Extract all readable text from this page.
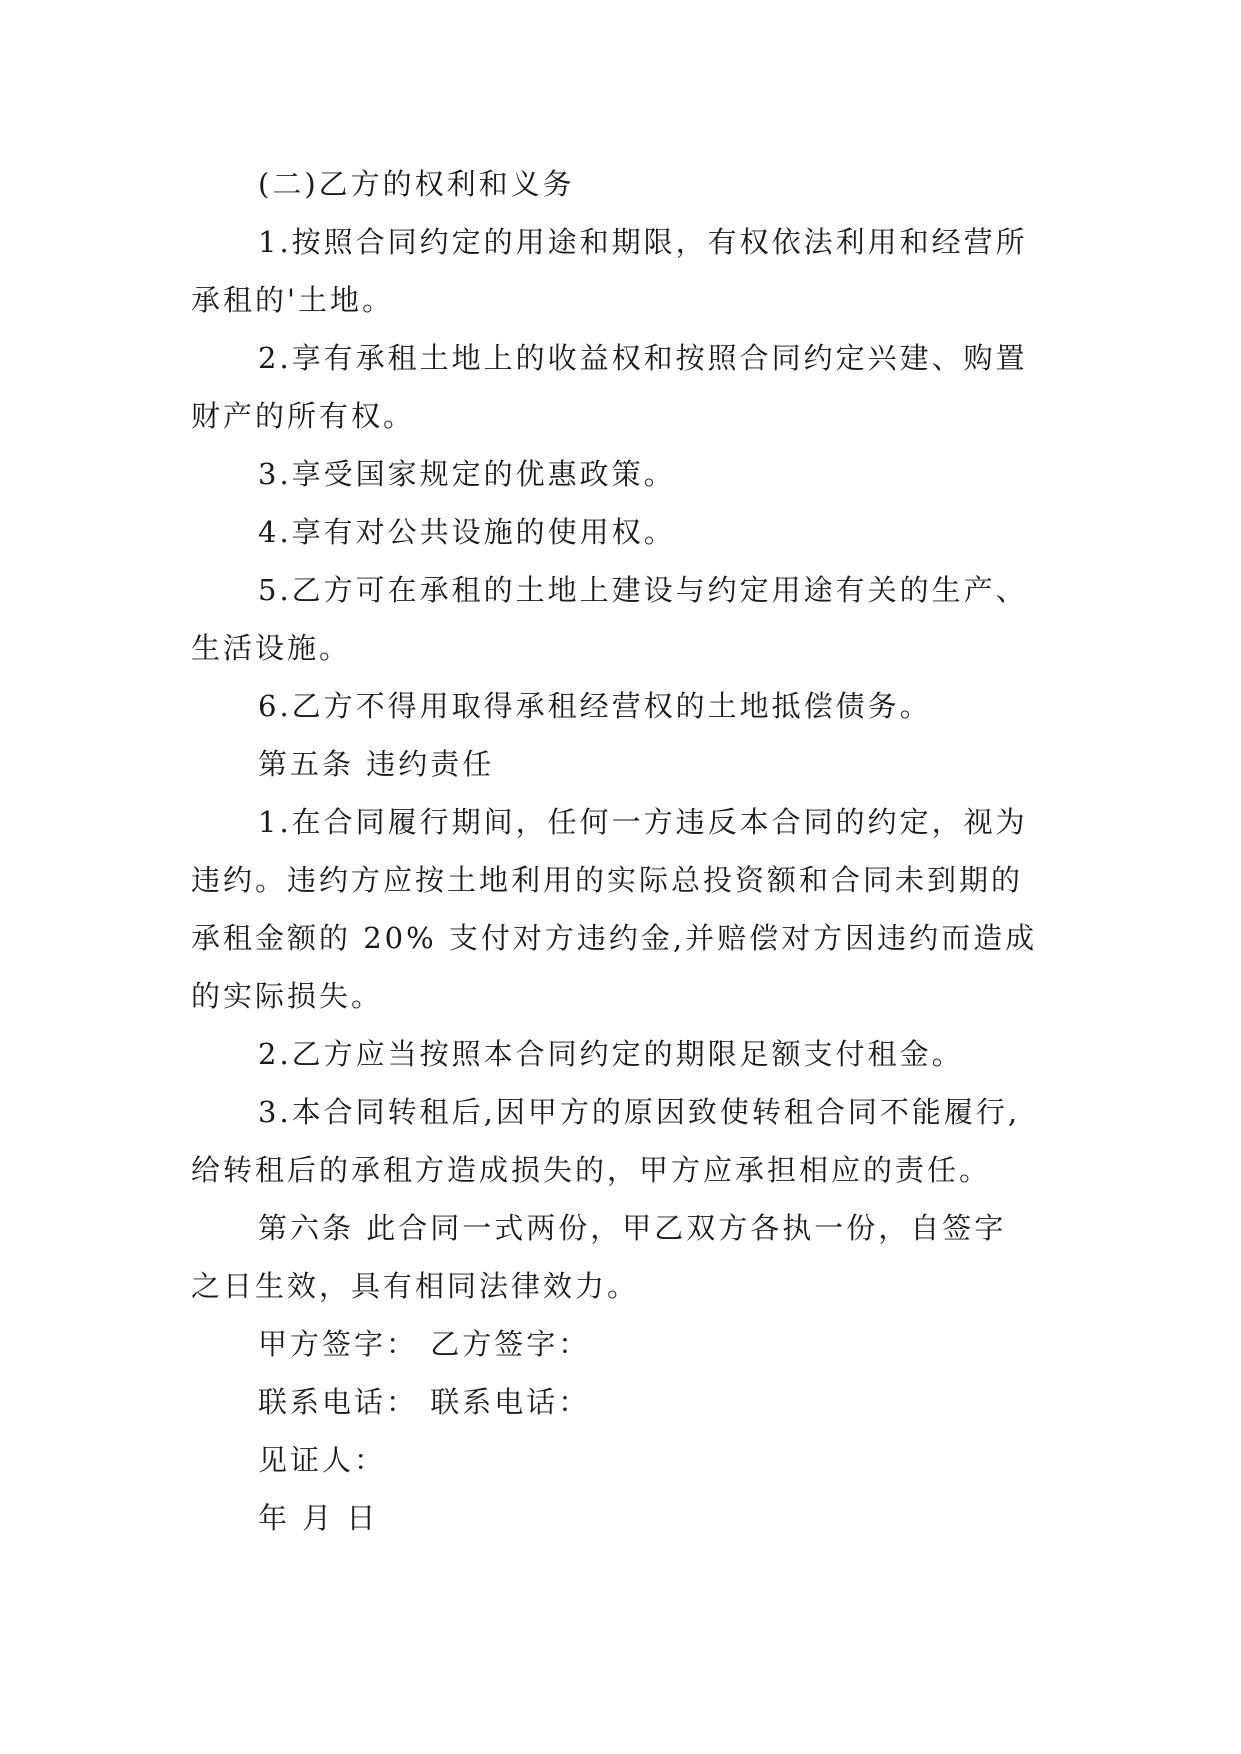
(二)乙方的权利和义务
1.按照合同约定的用途和期限，有权依法利用和经营所
承租的'土地。
2.享有承租土地上的收益权和按照合同约定兴建、购置
财产的所有权。
3.享受国家规定的优惠政策。
4.享有对公共设施的使用权。
5.乙方可在承租的土地上建设与约定用途有关的生产、
生活设施。
6.乙方不得用取得承租经营权的土地抵偿债务。
第五条 违约责任
1.在合同履行期间，任何一方违反本合同的约定，视为
违约。违约方应按土地利用的实际总投资额和合同未到期的
承租金额的 20% 支付对方违约金,并赔偿对方因违约而造成
的实际损失。
2.乙方应当按照本合同约定的期限足额支付租金。
3.本合同转租后,因甲方的原因致使转租合同不能履行,
给转租后的承租方造成损失的，甲方应承担相应的责任。
第六条 此合同一式两份，甲乙双方各执一份，自签字
之日生效，具有相同法律效力。
甲方签字： 乙方签字：
联系电话： 联系电话：
见证人：
年 月 日
